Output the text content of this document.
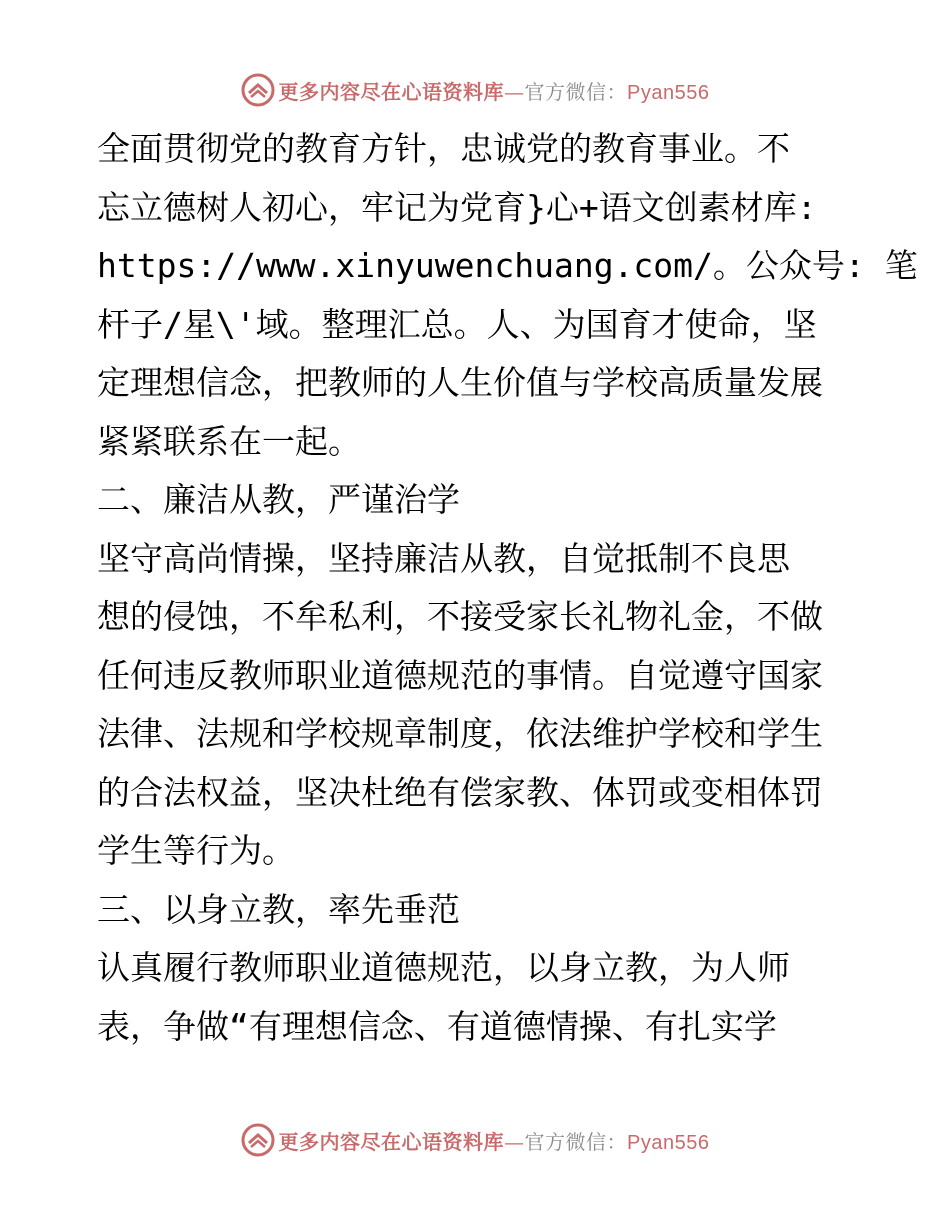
更多内容尽在心语资料库—官方微信：Pyan556

全面贯彻党的教育方针，忠诚党的教育事业。不
忘立德树人初心，牢记为党育}心+语文创素材库:
https://www.xinyuwenchuang.com/。公众号: 笔
杆子/星\'域。整理汇总。人、为国育才使命，坚
定理想信念，把教师的人生价值与学校高质量发展
紧紧联系在一起。

二、廉洁从教，严谨治学

坚守高尚情操，坚持廉洁从教，自觉抵制不良思
想的侵蚀，不牟私利，不接受家长礼物礼金，不做
任何违反教师职业道德规范的事情。自觉遵守国家
法律、法规和学校规章制度，依法维护学校和学生
的合法权益，坚决杜绝有偿家教、体罚或变相体罚
学生等行为。

三、以身立教，率先垂范

认真履行教师职业道德规范，以身立教，为人师
表，争做“有理想信念、有道德情操、有扎实学

更多内容尽在心语资料库—官方微信：Pyan556
